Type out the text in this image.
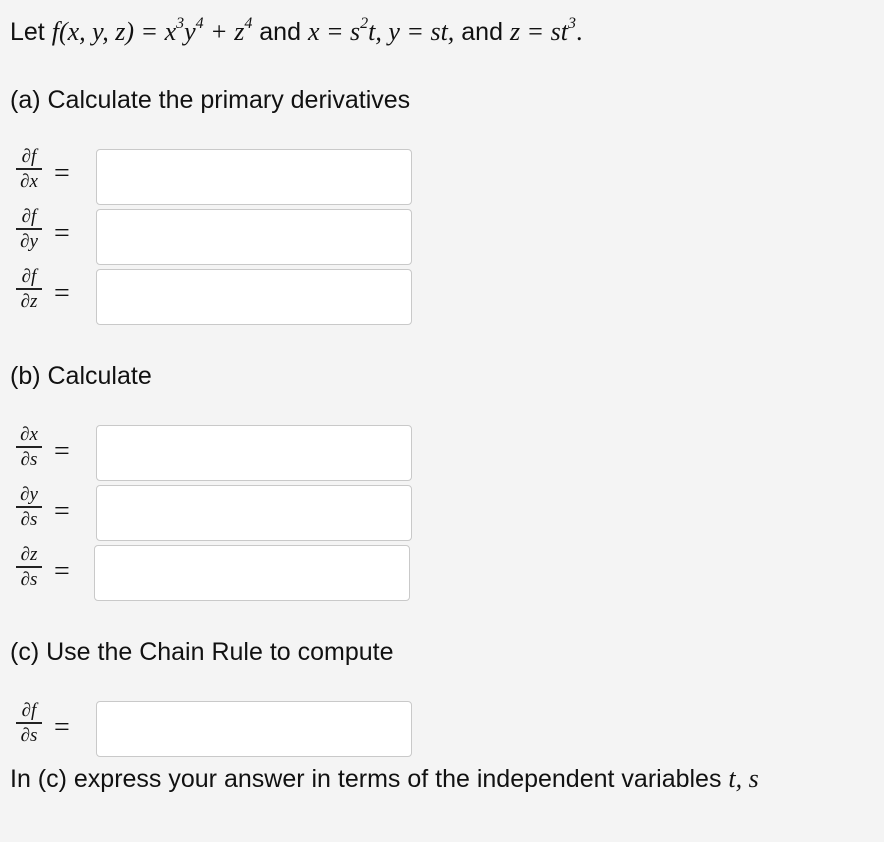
Let f(x, y, $z) = x^3y^4 + z^4$ and $x = s^2t$, y = st, and $z = st^3$.
(a) Calculate the primary derivatives
∂f
∂x =
∂f
∂y =
∂f
∂z =
(b) Calculate
∂x
∂s =
∂y
∂s =
∂z
∂s =
(c) Use the Chain Rule to compute
∂f
∂s =
In (c) express your answer in terms of the independent variables t, s
